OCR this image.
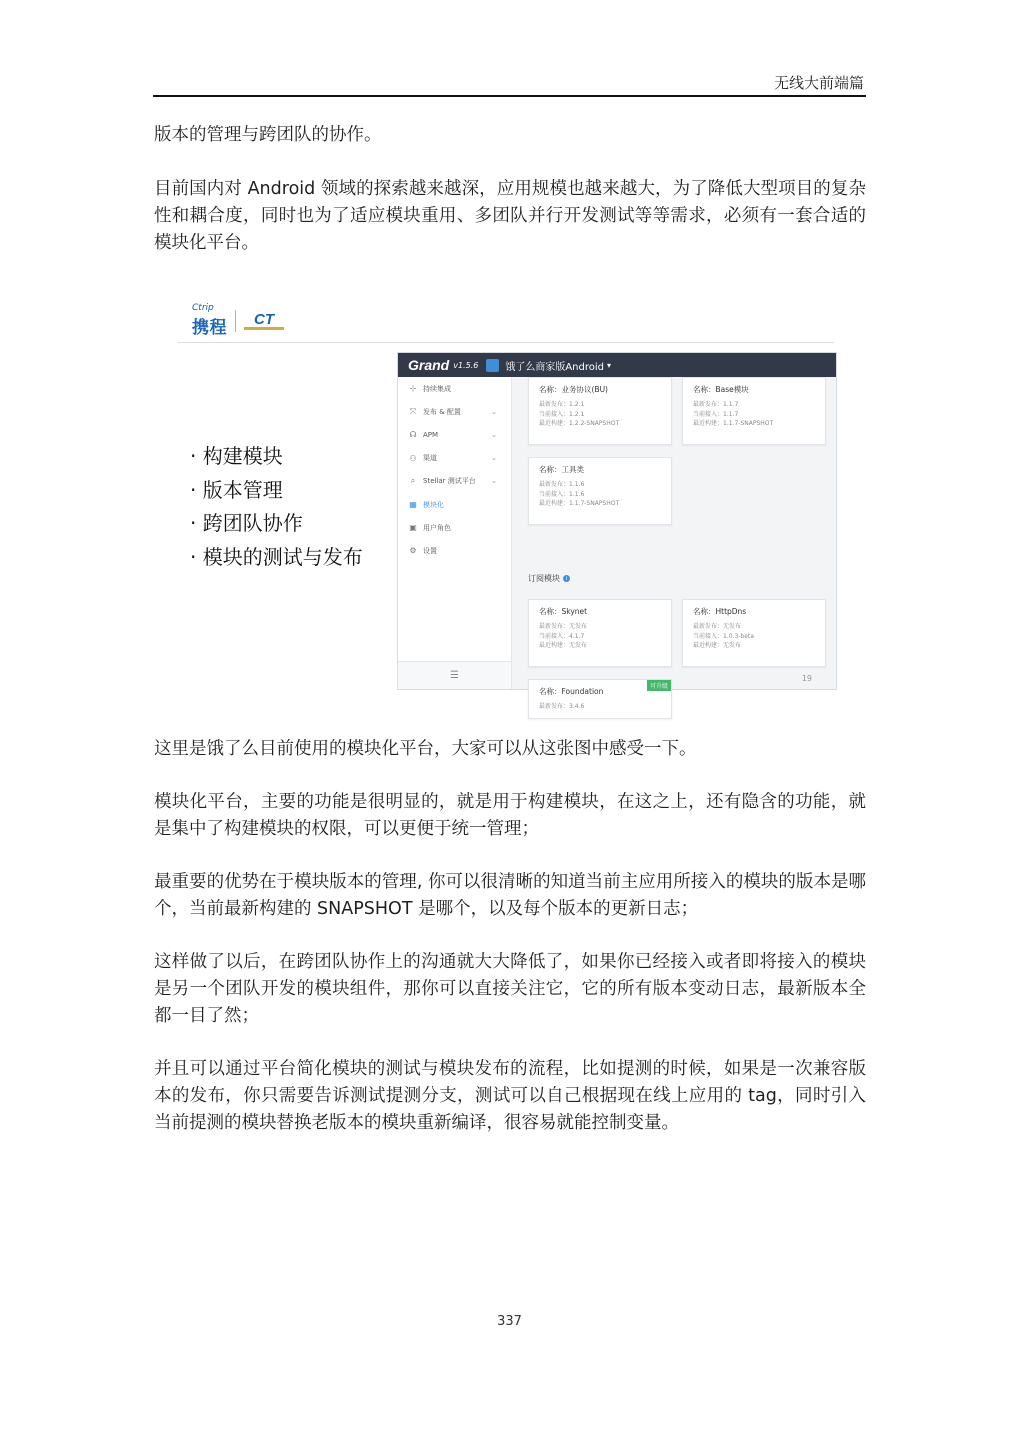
无线大前端篇

版本的管理与跨团队的协作。

目前国内对 Android 领域的探索越来越深，应用规模也越来越大，为了降低大型项目的复杂性和耦合度，同时也为了适应模块重用、多团队并行开发测试等等需求，必须有一套合适的模块化平台。

Ctrip
携程 CT
· 构建模块
· 版本管理
· 跨团队协作
· 模块的测试与发布
Grand v1.5.6	饿了么商家版Android ▾
⊹ 持续集成
⤧ 发布 & 配置	⌄
☊ APM	⌄
⚇ 渠道	⌄
⌕	Stellar 测试平台 ⌄
▦ 模块化
▣ 用户角色
⚙ 设置
☰
名称：业务协议(BU)
最新发布：1.2.1
当前接入：1.2.1
最近构建：1.2.2-SNAPSHOT
名称：Base模块
最新发布：1.1.7
当前接入：1.1.7
最近构建：1.1.7-SNAPSHOT
名称：工具类
最新发布：1.1.6
当前接入：1.1.6
最近构建：1.1.7-SNAPSHOT
订阅模块	i
名称：Skynet
最新发布：无发布
当前接入：4.1.7
最近构建：无发布
名称：HttpDns
最新发布：无发布
当前接入：1.0.3-beta
最近构建：无发布
可升级
名称：Foundation
最新发布：3.4.6
19

这里是饿了么目前使用的模块化平台，大家可以从这张图中感受一下。

模块化平台，主要的功能是很明显的，就是用于构建模块，在这之上，还有隐含的功能，就是集中了构建模块的权限，可以更便于统一管理；

最重要的优势在于模块版本的管理, 你可以很清晰的知道当前主应用所接入的模块的版本是哪个，当前最新构建的 SNAPSHOT 是哪个，以及每个版本的更新日志；

这样做了以后，在跨团队协作上的沟通就大大降低了，如果你已经接入或者即将接入的模块是另一个团队开发的模块组件，那你可以直接关注它，它的所有版本变动日志，最新版本全都一目了然；

并且可以通过平台简化模块的测试与模块发布的流程，比如提测的时候，如果是一次兼容版本的发布，你只需要告诉测试提测分支，测试可以自己根据现在线上应用的 tag，同时引入当前提测的模块替换老版本的模块重新编译，很容易就能控制变量。

337
